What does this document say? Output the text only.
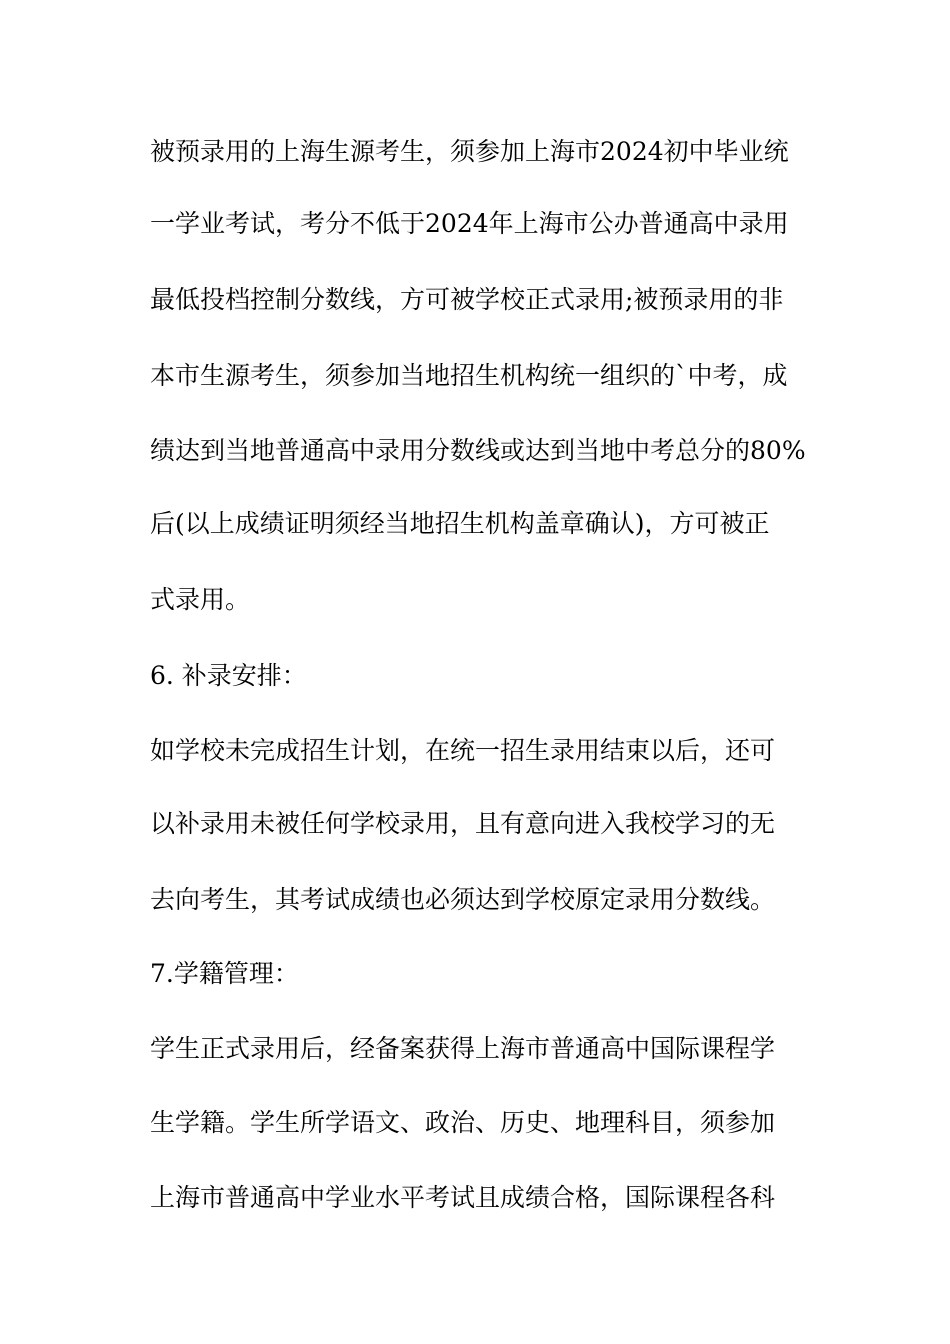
被预录用的上海生源考生，须参加上海市2024初中毕业统
一学业考试，考分不低于2024年上海市公办普通高中录用
最低投档控制分数线，方可被学校正式录用;被预录用的非
本市生源考生，须参加当地招生机构统一组织的`中考，成
绩达到当地普通高中录用分数线或达到当地中考总分的80%
后(以上成绩证明须经当地招生机构盖章确认)，方可被正
式录用。
6. 补录安排：
如学校未完成招生计划，在统一招生录用结束以后，还可
以补录用未被任何学校录用，且有意向进入我校学习的无
去向考生，其考试成绩也必须达到学校原定录用分数线。
7.学籍管理：
学生正式录用后，经备案获得上海市普通高中国际课程学
生学籍。学生所学语文、政治、历史、地理科目，须参加
上海市普通高中学业水平考试且成绩合格，国际课程各科
